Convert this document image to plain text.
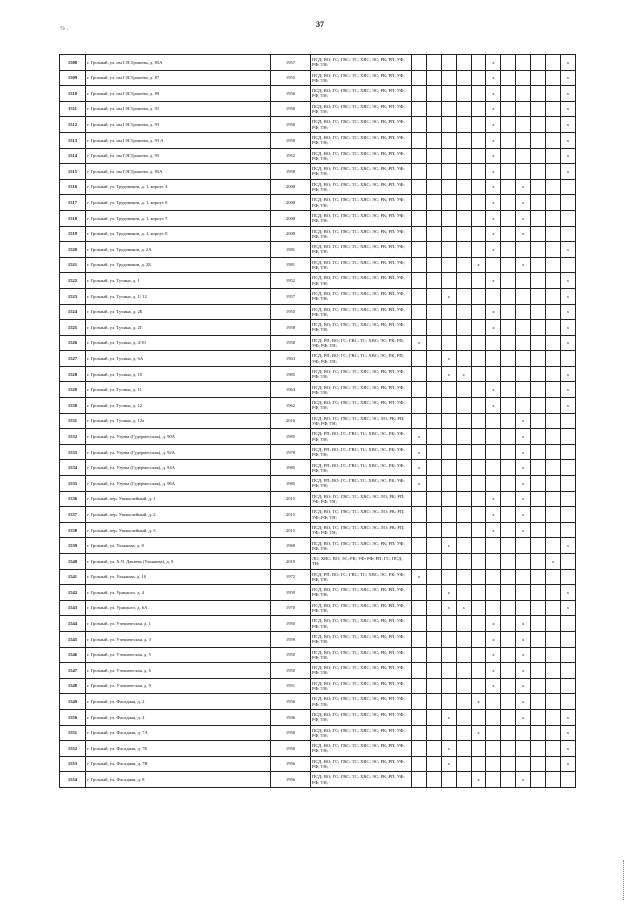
% .	37
1508	г. Грозный, ул. им Г.Н.Трошева, д. 85А	1957	ПСД; ВО; ГС; ГВС; ТС; ХВС; ЭС; РК; РП; УФ; РФ; ТН;						x					x
1509	г. Грозный, ул. им Г.Н.Трошева, д. 87	1955	ПСД; ВО; ГС; ГВС; ТС; ХВС; ЭС; РК; РП; УФ; РФ; ТН;						x					x
1510	г. Грозный, ул. им Г.Н.Трошева, д. 89	1956	ПСД; ВО; ГС; ГВС; ТС; ХВС; ЭС; РК; РП; УФ; РФ; ТН;						x					x
1511	г. Грозный, ул. им Г.Н.Трошева, д. 91	1956	ПСД; ВО; ГС; ГВС; ТС; ХВС; ЭС; РК; РП; УФ; РФ; ТН;						x					x
1512	г. Грозный, ул. им Г.Н.Трошева, д. 93	1956	ПСД; ВО; ГС; ГВС; ТС; ХВС; ЭС; РК; РП; УФ; РФ; ТН;						x					x
1513	г. Грозный, ул. им Г.Н.Трошева, д. 93 А	1958	ПСД; ВО; ГС; ГВС; ТС; ХВС; ЭС; РК; РП; УФ; РФ; ТН;						x					x
1514	г. Грозный, ул. им Г.Н.Трошева, д. 95	1952	ПСД; ВО; ГС; ГВС; ТС; ХВС; ЭС; РК; РП; УФ; РФ; ТН;						x					x
1515	г. Грозный, ул. им Г.Н.Трошева, д. 95А	1958	ПСД; ВО; ГС; ГВС; ТС; ХВС; ЭС; РК; РП; УФ; РФ; ТН;						x					x
1516	г. Грозный, ул. Трудовиков, д. 1, корпус 4	2008	ПСД; ВО; ГС; ГВС; ТС; ХВС; ЭС; РК; РП; УФ; РФ; ТН;						x		x			
1517	г. Грозный, ул. Трудовиков, д. 1, корпус 6	2008	ПСД; ВО; ГС; ГВС; ТС; ХВС; ЭС; РК; РП; УФ; РФ; ТН;						x		x			
1518	г. Грозный, ул. Трудовиков, д. 1, корпус 7	2008	ПСД; ВО; ГС; ГВС; ТС; ХВС; ЭС; РК; РП; УФ; РФ; ТН;						x		x			
1519	г. Грозный, ул. Трудовиков, д. 1, корпус 8	2008	ПСД; ВО; ГС; ГВС; ТС; ХВС; ЭС; РК; РП; УФ; РФ; ТН;						x		x			
1520	г. Грозный, ул. Трудовиков, д. 2А	1981	ПСД; ВО; ГС; ГВС; ТС; ХВС; ЭС; РК; РП; УФ; РФ; ТН;						x					x
1521	г. Грозный, ул. Трудовиков, д. 2Б	1981	ПСД; ВО; ГС; ГВС; ТС; ХВС; ЭС; РК; РП; УФ; РФ; ТН;					x			x			
1522	г. Грозный, ул. Тучина, д. 1	1952	ПСД; ВО; ГС; ГВС; ТС; ХВС; ЭС; РК; РП; УФ; РФ; ТН;						x					x
1523	г. Грозный, ул. Тучина, д. 1/ 12	1957	ПСД; ВО; ГС; ГВС; ТС; ХВС; ЭС; РК; РП; УФ; РФ; ТН;			x								x
1524	г. Грозный, ул. Тучина, д. 2Б	1955	ПСД; ВО; ГС; ГВС; ТС; ХВС; ЭС; РК; РП; УФ; РФ; ТН;						x					x
1525	г. Грозный, ул. Тучина, д. 2Г	1958	ПСД; ВО; ГС; ГВС; ТС; ХВС; ЭС; РК; РП; УФ; РФ; ТН;						x					x
1526	г. Грозный, ул. Тучина, д. 4/10	1958	ПСД; РП; ВО; ГС; ГВС; ТС; ХВС; ЭС; РК; РП; УФ; РФ; ТН;	x										x
1527	г. Грозный, ул. Тучина, д. 6А	1963	ПСД; РП; ВО; ГС; ГВС; ТС; ХВС; ЭС; РК; РП; УФ; РФ; ТН;			x								
1528	г. Грозный, ул. Тучина, д. 10	1985	ПСД; ВО; ГС; ГВС; ТС; ХВС; ЭС; РК; РП; УФ; РФ; ТН;			x	x							x
1529	г. Грозный, ул. Тучина, д. 11	1963	ПСД; ВО; ГС; ГВС; ТС; ХВС; ЭС; РК; РП; УФ; РФ; ТН;						x					x
1530	г. Грозный, ул. Тучина, д. 12	1962	ПСД; ВО; ГС; ГВС; ТС; ХВС; ЭС; РК; РП; УФ; РФ; ТН;						x					x
1531	г. Грозный, ул. Тучина, д. 12а	2016	ПСД; ВО; ГС; ГВС; ТС; ХВС; ЭС; ЛО; РК; РП; УФ; РФ; ТН;								x			
1532	г. Грозный, ул. Узуева (Гудермесская), д. 90А	1985	ПСД; РП; ВО; ГС; ГВС; ТС; ХВС; ЭС; РК; УФ; РФ; ТН;	x							x			
1533	г. Грозный, ул. Узуева (Гудермесская), д. 92А	1978	ПСД; РП; ВО; ГС; ГВС; ТС; ХВС; ЭС; РК; УФ; РФ; ТН;	x							x			
1534	г. Грозный, ул. Узуева (Гудермесская), д. 94А	1985	ПСД; РП; ВО; ГС; ГВС; ТС; ХВС; ЭС; РК; УФ; РФ; ТН;	x							x			
1535	г. Грозный, ул. Узуева (Гудермесская), д. 96А	1985	ПСД; РП; ВО; ГС; ГВС; ТС; ХВС; ЭС; РК; УФ; РФ; ТН;	x							x			
1536	г. Грозный, пер. Ушаколейный, д. 1	2015	ПСД; ВО; ГС; ГВС; ТС; ХВС; ЭС; ЛО; РК; РП; УФ; РФ; ТН;						x		x			
1537	г. Грозный, пер. Ушаколейный, д. 2	2015	ПСД; ВО; ГС; ГВС; ТС; ХВС; ЭС; ЛО; РК; РП; УФ; РФ; ТН;						x		x			
1538	г. Грозный, пер. Ушаколейный, д. 3	2015	ПСД; ВО; ГС; ГВС; ТС; ХВС; ЭС; ЛО; РК; РП; УФ; РФ; ТН;						x		x			
1539	г. Грозный, ул. Ульянова, д. 8	1968	ПСД; ВО; ГС; ГВС; ТС; ХВС; ЭС; РК; РП; УФ; РФ; ТН;			x								x
1540	г. Грозный, ул. Х.Ч. Дачаева (Ульянова), д. 9	2019	ЛО; ХВС; ВО; ЭС; РК; УФ; РФ; РП; ГС; ПСД; ТН;										x	
1541	г. Грозный, ул. Ульянова, д. 10	1972	ПСД; РП; ВО; ГС; ГВС; ТС; ХВС; ЭС; РК; УФ; РФ; ТН;	x										
1542	г. Грозный, ул. Урицкого, д. 4	1959	ПСД; ВО; ГС; ГВС; ТС; ХВС; ЭС; РК; РП; УФ; РФ; ТН;			x								x
1543	г. Грозный, ул. Урицкого, д. 6А	1970	ПСД; ВО; ГС; ГВС; ТС; ХВС; ЭС; РК; РП; УФ; РФ; ТН;			x	x							x
1544	г. Грозный, ул. Ученическая, д. 1	1950	ПСД; ВО; ГС; ГВС; ТС; ХВС; ЭС; РК; РП; УФ; РФ; ТН;						x		x			
1545	г. Грозный, ул. Ученическая, д. 3	1959	ПСД; ВО; ГС; ГВС; ТС; ХВС; ЭС; РК; РП; УФ; РФ; ТН;						x		x			
1546	г. Грозный, ул. Ученическая, д. 5	1950	ПСД; ВО; ГС; ГВС; ТС; ХВС; ЭС; РК; РП; УФ; РФ; ТН;						x		x			
1547	г. Грозный, ул. Ученическая, д. 6	1950	ПСД; ВО; ГС; ГВС; ТС; ХВС; ЭС; РК; РП; УФ; РФ; ТН;						x		x			
1548	г. Грозный, ул. Ученическая, д. 9	1951	ПСД; ВО; ГС; ГВС; ТС; ХВС; ЭС; РК; РП; УФ; РФ; ТН;						x		x			
1549	г. Грозный, ул. Фасадная, д. 2	1956	ПСД; ВО; ГС; ГВС; ТС; ХВС; ЭС; РК; РП; УФ; РФ; ТН;					x			x			
1550	г. Грозный, ул. Фасадная, д. 4	1946	ПСД; ВО; ГС; ГВС; ТС; ХВС; ЭС; РК; РП; УФ; РФ; ТН;			x					x			x
1551	г. Грозный, ул. Фасадная, д. 7А	1956	ПСД; ВО; ГС; ГВС; ТС; ХВС; ЭС; РК; РП; УФ; РФ; ТН;					x						x
1552	г. Грозный, ул. Фасадная, д. 7Б	1956	ПСД; ВО; ГС; ГВС; ТС; ХВС; ЭС; РК; РП; УФ; РФ; ТН;			x								x
1553	г. Грозный, ул. Фасадная, д. 7В	1956	ПСД; ВО; ГС; ГВС; ТС; ХВС; ЭС; РК; РП; УФ; РФ; ТН;			x								x
1554	г. Грозный, ул. Фасадная, д. 8	1956	ПСД; ВО; ГС; ГВС; ТС; ХВС; ЭС; РК; РП; УФ; РФ; ТН;					x			x			
